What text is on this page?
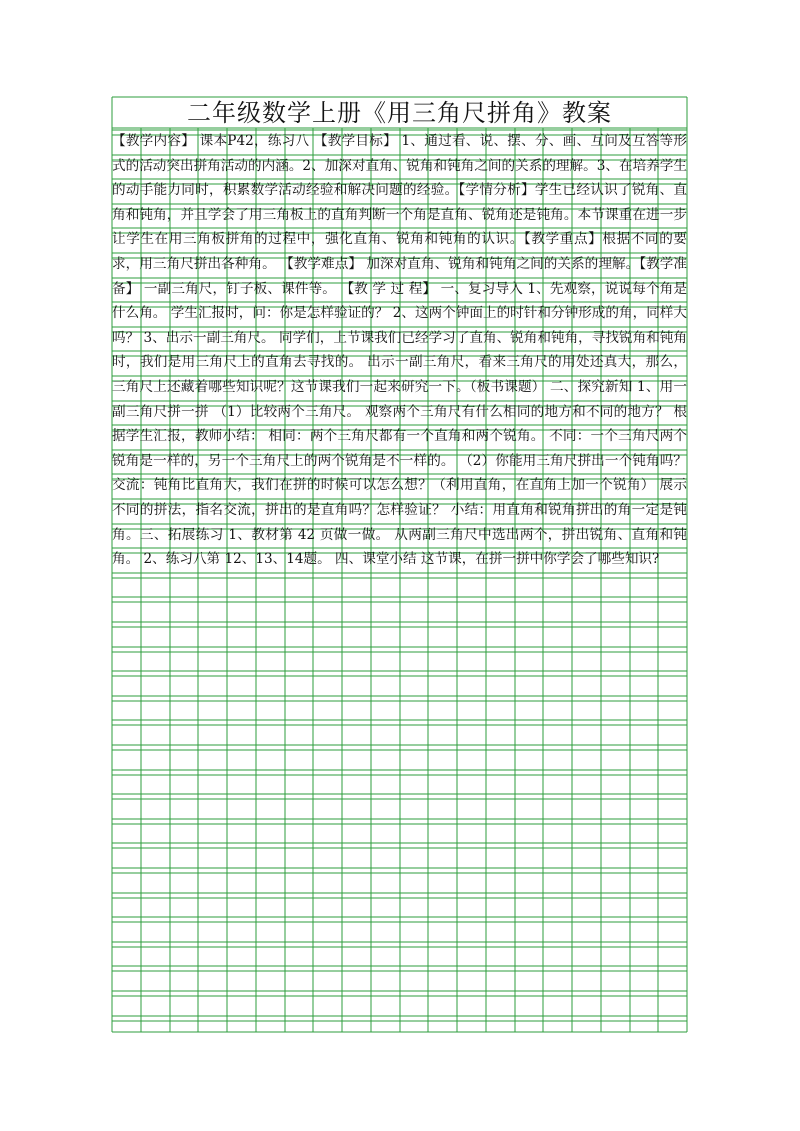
二年级数学上册《用三角尺拼角》教案

【教学内容】 课本P42，练习八 【教学目标】 1、通过看、说、摆、分、画、互问及互答等形式的活动突出拼角活动的内涵。2、加深对直角、锐角和钝角之间的关系的理解。3、在培养学生的动手能力同时，积累数学活动经验和解决问题的经验。【学情分析】学生已经认识了锐角、直角和钝角，并且学会了用三角板上的直角判断一个角是直角、锐角还是钝角。本节课重在进一步让学生在用三角板拼角的过程中，强化直角、锐角和钝角的认识。【教学重点】根据不同的要求，用三角尺拼出各种角。 【教学难点】 加深对直角、锐角和钝角之间的关系的理解。【教学准备】 一副三角尺，钉子板、课件等。 【教 学 过 程】 一、复习导入 1、先观察，说说每个角是什么角。 学生汇报时，问：你是怎样验证的？ 2、这两个钟面上的时针和分钟形成的角，同样大吗？ 3、出示一副三角尺。 同学们，上节课我们已经学习了直角、锐角和钝角，寻找锐角和钝角时，我们是用三角尺上的直角去寻找的。 出示一副三角尺，看来三角尺的用处还真大，那么，三角尺上还藏着哪些知识呢？这节课我们一起来研究一下。（板书课题） 二、探究新知 1、用一副三角尺拼一拼 （1）比较两个三角尺。 观察两个三角尺有什么相同的地方和不同的地方？ 根据学生汇报，教师小结： 相同：两个三角尺都有一个直角和两个锐角。 不同：一个三角尺两个锐角是一样的，另一个三角尺上的两个锐角是不一样的。 （2）你能用三角尺拼出一个钝角吗？ 交流：钝角比直角大，我们在拼的时候可以怎么想？（利用直角，在直角上加一个锐角） 展示不同的拼法，指名交流，拼出的是直角吗？怎样验证？ 小结：用直角和锐角拼出的角一定是钝角。三、拓展练习 1、教材第 42 页做一做。 从两副三角尺中选出两个，拼出锐角、直角和钝角。 2、练习八第 12、13、14题。 四、课堂小结 这节课，在拼一拼中你学会了哪些知识?
